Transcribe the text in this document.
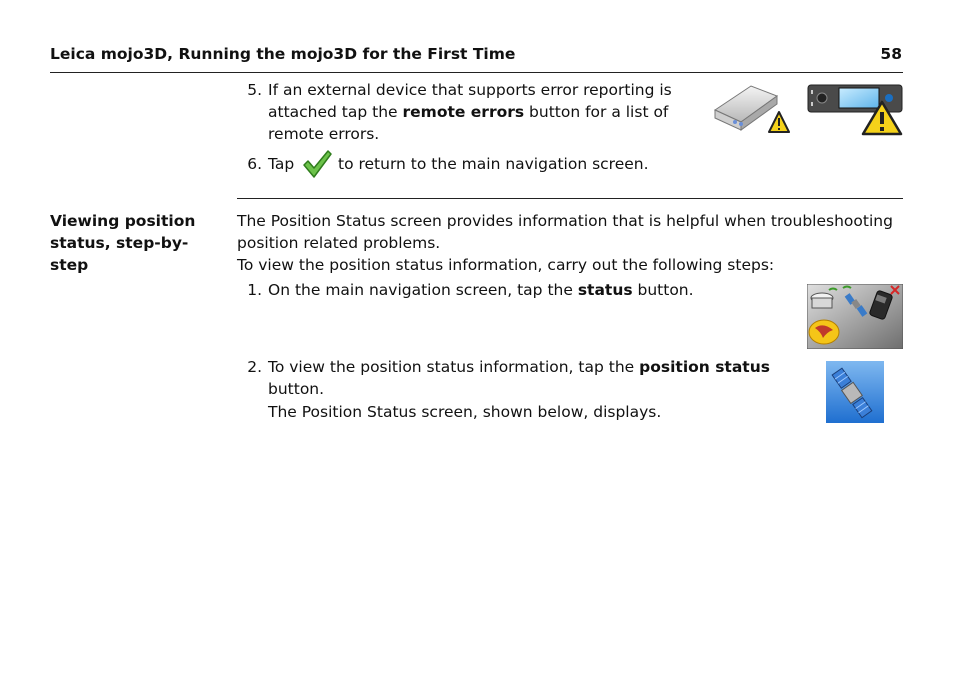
Leica mojo3D, Running the mojo3D for the First Time	58
5. If an external device that supports error reporting is
attached tap the remote errors button for a list of
remote errors.
6. Tap	to return to the main navigation screen.
Viewing position
status, step-by-
step
The Position Status screen provides information that is helpful when troubleshooting
position related problems.
To view the position status information, carry out the following steps:
1. On the main navigation screen, tap the status button.
2. To view the position status information, tap the position status
button.
The Position Status screen, shown below, displays.
